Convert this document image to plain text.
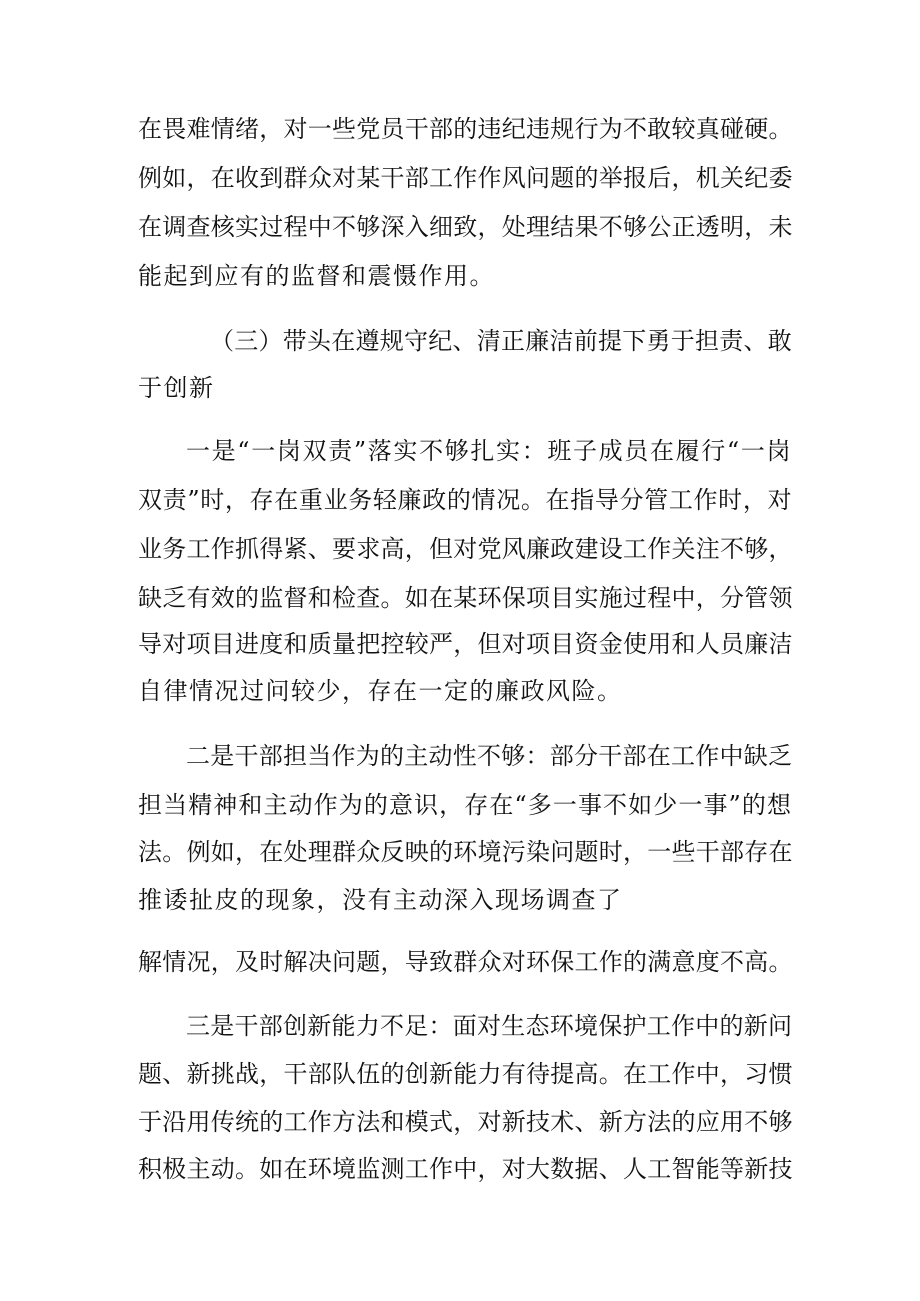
在畏难情绪，对一些党员干部的违纪违规行为不敢较真碰硬。
例如，在收到群众对某干部工作作风问题的举报后，机关纪委
在调查核实过程中不够深入细致，处理结果不够公正透明，未
能起到应有的监督和震慑作用。
（三）带头在遵规守纪、清正廉洁前提下勇于担责、敢
于创新
一是“一岗双责”落实不够扎实：班子成员在履行“一岗
双责”时，存在重业务轻廉政的情况。在指导分管工作时，对
业务工作抓得紧、要求高，但对党风廉政建设工作关注不够，
缺乏有效的监督和检查。如在某环保项目实施过程中，分管领
导对项目进度和质量把控较严，但对项目资金使用和人员廉洁
自律情况过问较少，存在一定的廉政风险。
二是干部担当作为的主动性不够：部分干部在工作中缺乏
担当精神和主动作为的意识，存在“多一事不如少一事”的想
法。例如，在处理群众反映的环境污染问题时，一些干部存在
推诿扯皮的现象，没有主动深入现场调查了
解情况，及时解决问题，导致群众对环保工作的满意度不高。
三是干部创新能力不足：面对生态环境保护工作中的新问
题、新挑战，干部队伍的创新能力有待提高。在工作中，习惯
于沿用传统的工作方法和模式，对新技术、新方法的应用不够
积极主动。如在环境监测工作中，对大数据、人工智能等新技
